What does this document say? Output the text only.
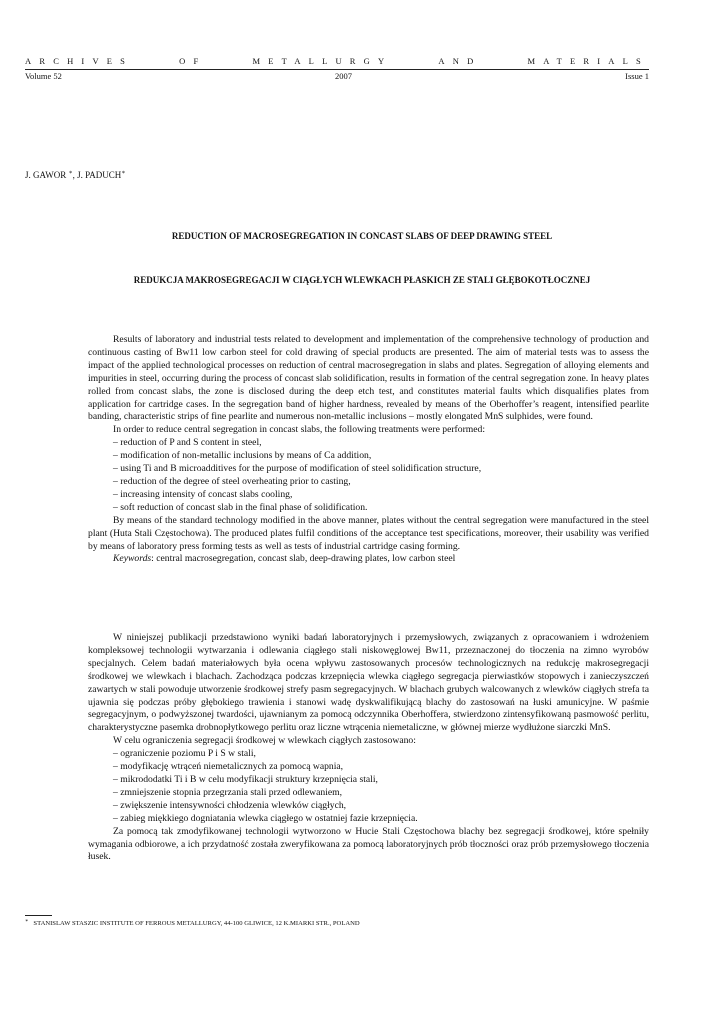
ARCHIVES	OF	METALLURGY	AND	MATERIALS
Volume 52	2007	Issue 1
J. GAWOR ∗, J. PADUCH∗
REDUCTION OF MACROSEGREGATION IN CONCAST SLABS OF DEEP DRAWING STEEL
REDUKCJA MAKROSEGREGACJI W CIĄGŁYCH WLEWKACH PŁASKICH ZE STALI GŁĘBOKOTŁOCZNEJ

Results of laboratory and industrial tests related to development and implementation of the comprehensive technology of production and continuous casting of Bw11 low carbon steel for cold drawing of special products are presented. The aim of material tests was to assess the impact of the applied technological processes on reduction of central macrosegregation in slabs and plates. Segregation of alloying elements and impurities in steel, occurring during the process of concast slab solidification, results in formation of the central segregation zone. In heavy plates rolled from concast slabs, the zone is disclosed during the deep etch test, and constitutes material faults which disqualifies plates from application for cartridge cases. In the segregation band of higher hardness, revealed by means of the Oberhoffer’s reagent, intensified pearlite banding, characteristic strips of fine pearlite and numerous non-metallic inclusions – mostly elongated MnS sulphides, were found.

In order to reduce central segregation in concast slabs, the following treatments were performed:

– reduction of P and S content in steel,

– modification of non-metallic inclusions by means of Ca addition,

– using Ti and B microadditives for the purpose of modification of steel solidification structure,

– reduction of the degree of steel overheating prior to casting,

– increasing intensity of concast slabs cooling,

– soft reduction of concast slab in the final phase of solidification.

By means of the standard technology modified in the above manner, plates without the central segregation were manufactured in the steel plant (Huta Stali Częstochowa). The produced plates fulfil conditions of the acceptance test specifications, moreover, their usability was verified by means of laboratory press forming tests as well as tests of industrial cartridge casing forming.

Keywords: central macrosegregation, concast slab, deep-drawing plates, low carbon steel

W niniejszej publikacji przedstawiono wyniki badań laboratoryjnych i przemysłowych, związanych z opracowaniem i wdrożeniem kompleksowej technologii wytwarzania i odlewania ciągłego stali niskowęglowej Bw11, przeznaczonej do tłoczenia na zimno wyrobów specjalnych. Celem badań materiałowych była ocena wpływu zastosowanych procesów technologicznych na redukcję makrosegregacji środkowej we wlewkach i blachach. Zachodząca podczas krzepnięcia wlewka ciągłego segregacja pierwiastków stopowych i zanieczyszczeń zawartych w stali powoduje utworzenie środkowej strefy pasm segregacyjnych. W blachach grubych walcowanych z wlewków ciągłych strefa ta ujawnia się podczas próby głębokiego trawienia i stanowi wadę dyskwalifikującą blachy do zastosowań na łuski amunicyjne. W paśmie segregacyjnym, o podwyższonej twardości, ujawnianym za pomocą odczynnika Oberhoffera, stwierdzono zintensyfikowaną pasmowość perlitu, charakterystyczne pasemka drobnopłytkowego perlitu oraz liczne wtrącenia niemetaliczne, w głównej mierze wydłużone siarczki MnS.

W celu ograniczenia segregacji środkowej w wlewkach ciągłych zastosowano:

– ograniczenie poziomu P i S w stali,

– modyfikację wtrąceń niemetalicznych za pomocą wapnia,

– mikrododatki Ti i B w celu modyfikacji struktury krzepnięcia stali,

– zmniejszenie stopnia przegrzania stali przed odlewaniem,

– zwiększenie intensywności chłodzenia wlewków ciągłych,

– zabieg miękkiego dogniatania wlewka ciągłego w ostatniej fazie krzepnięcia.

Za pomocą tak zmodyfikowanej technologii wytworzono w Hucie Stali Częstochowa blachy bez segregacji środkowej, które spełniły wymagania odbiorowe, a ich przydatność została zweryfikowana za pomocą laboratoryjnych prób tłoczności oraz prób przemysłowego tłoczenia łusek.

∗ STANISLAW STASZIC INSTITUTE OF FERROUS METALLURGY, 44-100 GLIWICE, 12 K.MIARKI STR., POLAND
